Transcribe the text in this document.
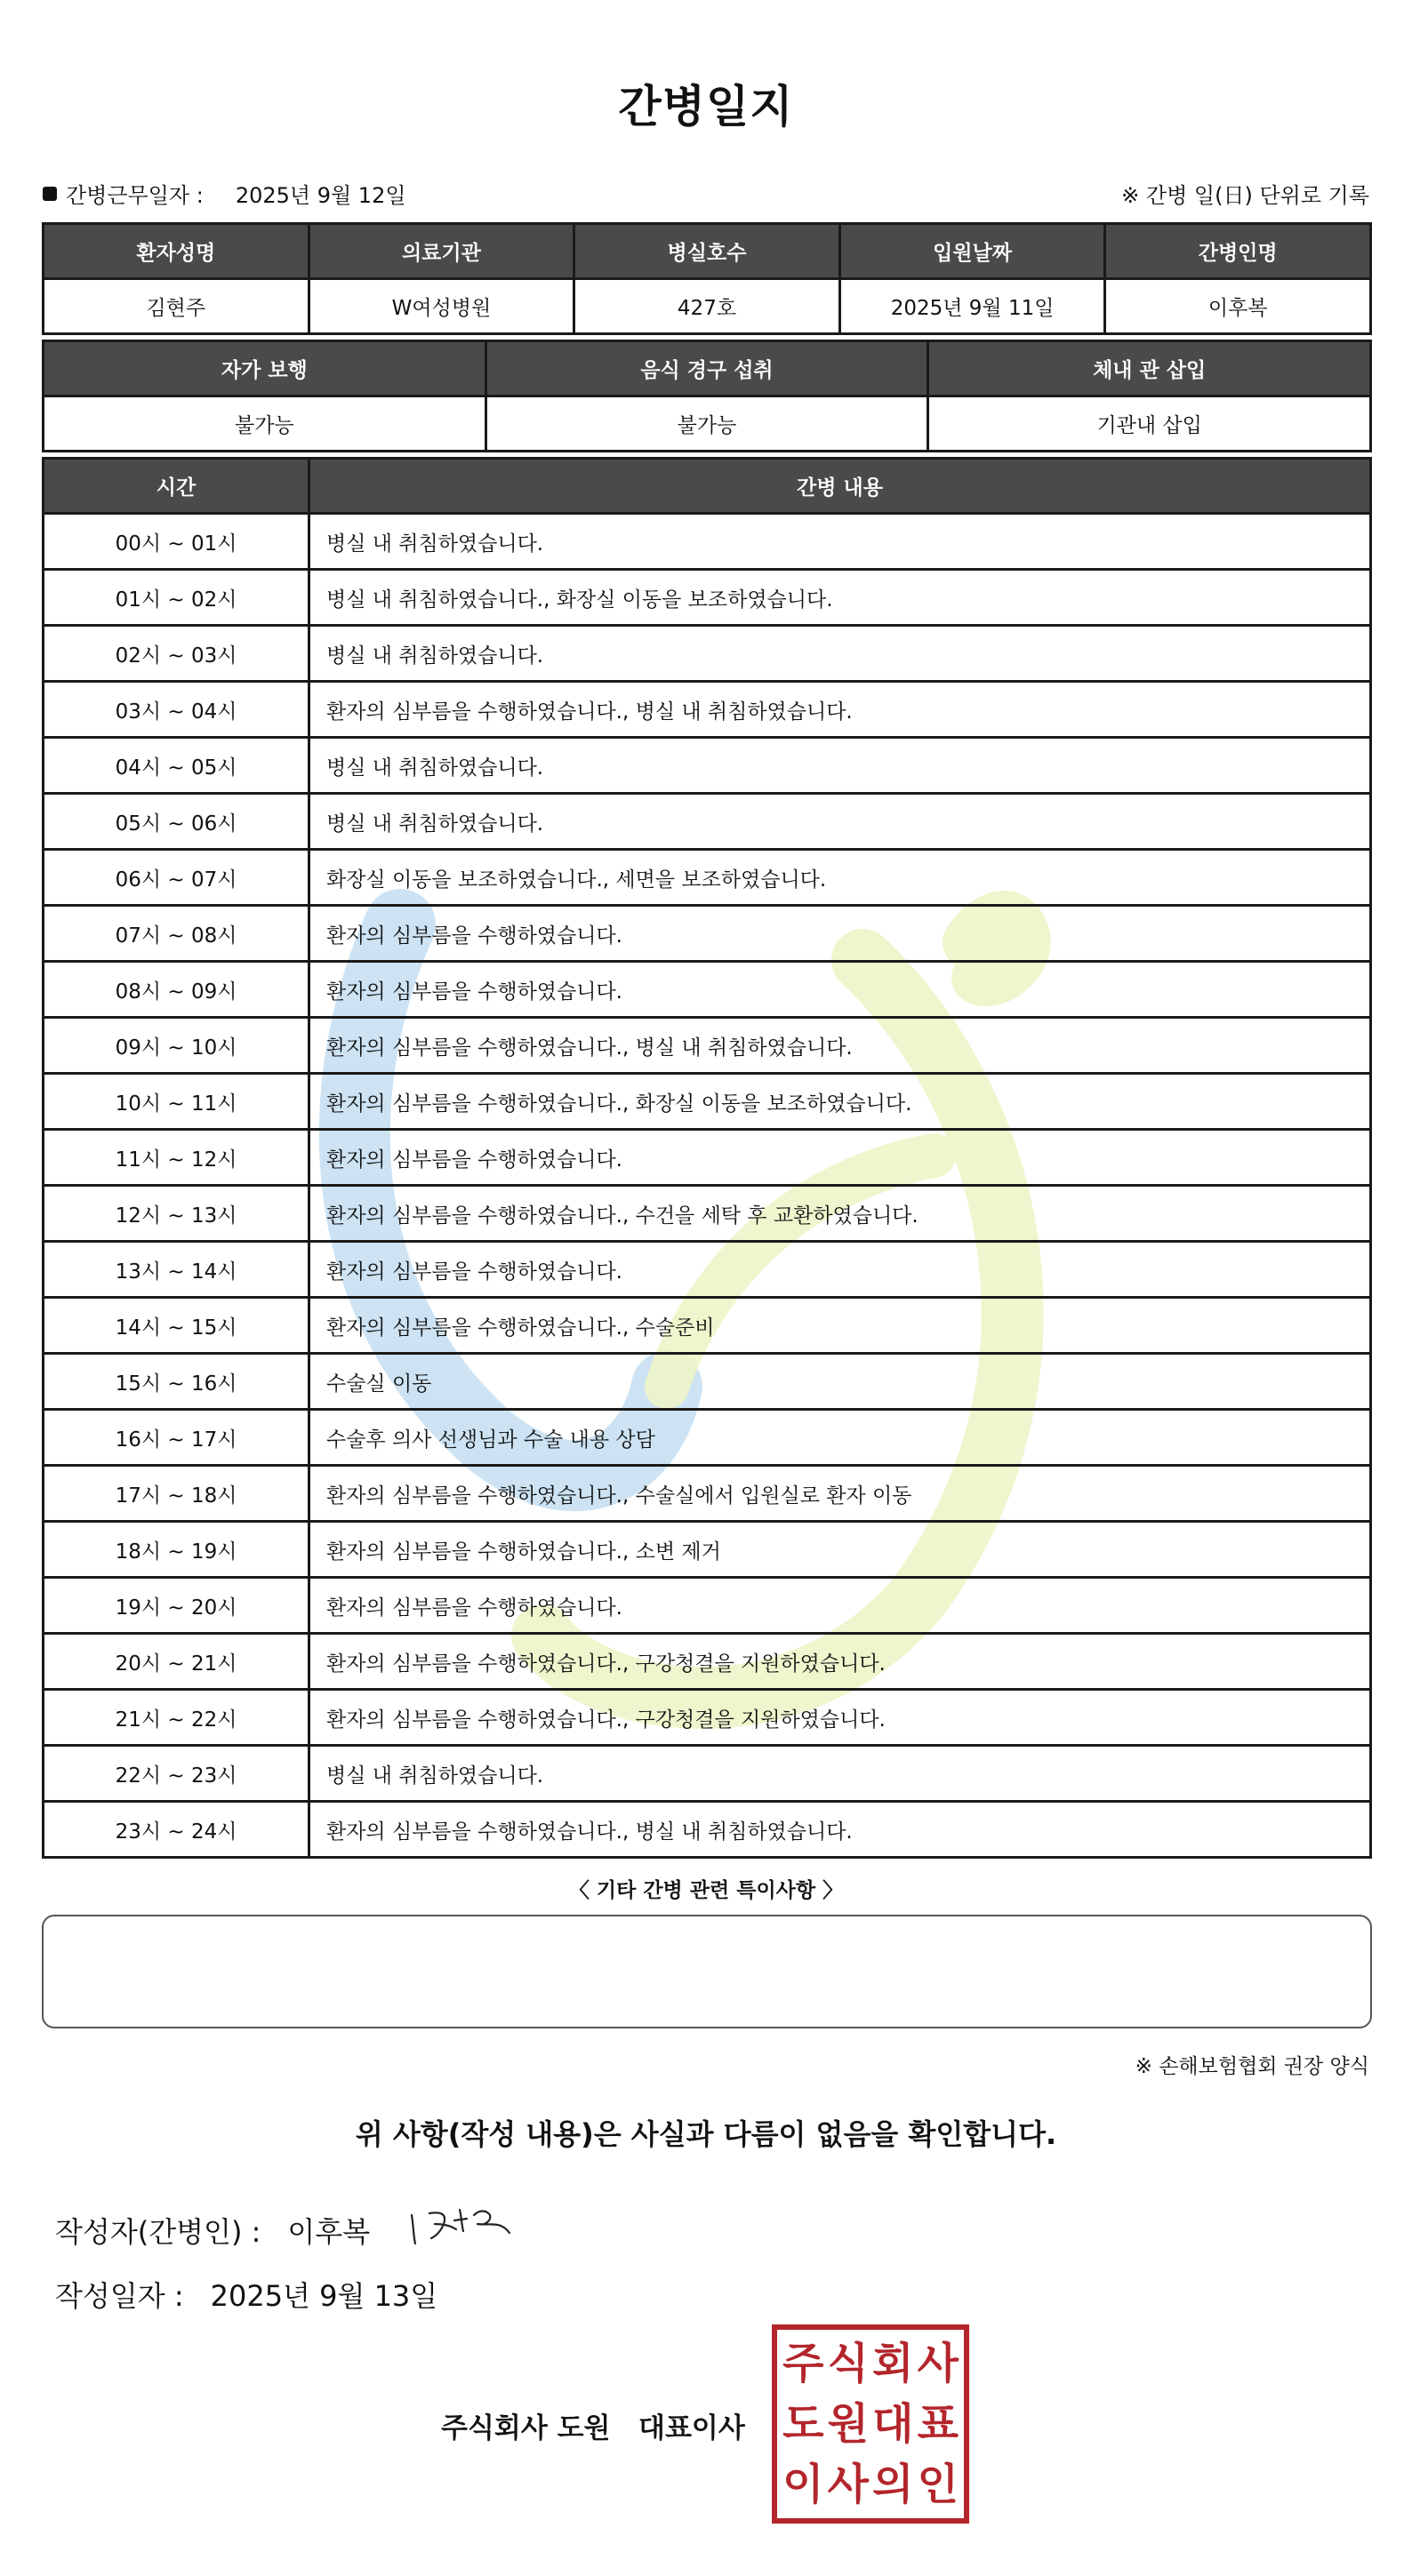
간병일지
간병근무일자 : 2025년 9월 12일	※ 간병 일(日) 단위로 기록
환자성명	의료기관	병실호수	입원날짜	간병인명
김현주	W여성병원	427호	2025년 9월 11일	이후복
자가 보행	음식 경구 섭취	체내 관 삽입
불가능	불가능	기관내 삽입
시간	간병 내용
00시 ~ 01시	병실 내 취침하였습니다.
01시 ~ 02시	병실 내 취침하였습니다., 화장실 이동을 보조하였습니다.
02시 ~ 03시	병실 내 취침하였습니다.
03시 ~ 04시	환자의 심부름을 수행하였습니다., 병실 내 취침하였습니다.
04시 ~ 05시	병실 내 취침하였습니다.
05시 ~ 06시	병실 내 취침하였습니다.
06시 ~ 07시	화장실 이동을 보조하였습니다., 세면을 보조하였습니다.
07시 ~ 08시	환자의 심부름을 수행하였습니다.
08시 ~ 09시	환자의 심부름을 수행하였습니다.
09시 ~ 10시	환자의 심부름을 수행하였습니다., 병실 내 취침하였습니다.
10시 ~ 11시	환자의 심부름을 수행하였습니다., 화장실 이동을 보조하였습니다.
11시 ~ 12시	환자의 심부름을 수행하였습니다.
12시 ~ 13시	환자의 심부름을 수행하였습니다., 수건을 세탁 후 교환하였습니다.
13시 ~ 14시	환자의 심부름을 수행하였습니다.
14시 ~ 15시	환자의 심부름을 수행하였습니다., 수술준비
15시 ~ 16시	수술실 이동
16시 ~ 17시	수술후 의사 선생님과 수술 내용 상담
17시 ~ 18시	환자의 심부름을 수행하였습니다., 수술실에서 입원실로 환자 이동
18시 ~ 19시	환자의 심부름을 수행하였습니다., 소변 제거
19시 ~ 20시	환자의 심부름을 수행하였습니다.
20시 ~ 21시	환자의 심부름을 수행하였습니다., 구강청결을 지원하였습니다.
21시 ~ 22시	환자의 심부름을 수행하였습니다., 구강청결을 지원하였습니다.
22시 ~ 23시	병실 내 취침하였습니다.
23시 ~ 24시	환자의 심부름을 수행하였습니다., 병실 내 취침하였습니다.
〈 기타 간병 관련 특이사항 〉
※ 손해보험협회 권장 양식
위 사항(작성 내용)은 사실과 다름이 없음을 확인합니다.
작성자(간병인) : 이후복
작성일자 : 2025년 9월 13일
주식회사 도원 대표이사
주 식 회 사
도 원 대 표
이 사 의 인
